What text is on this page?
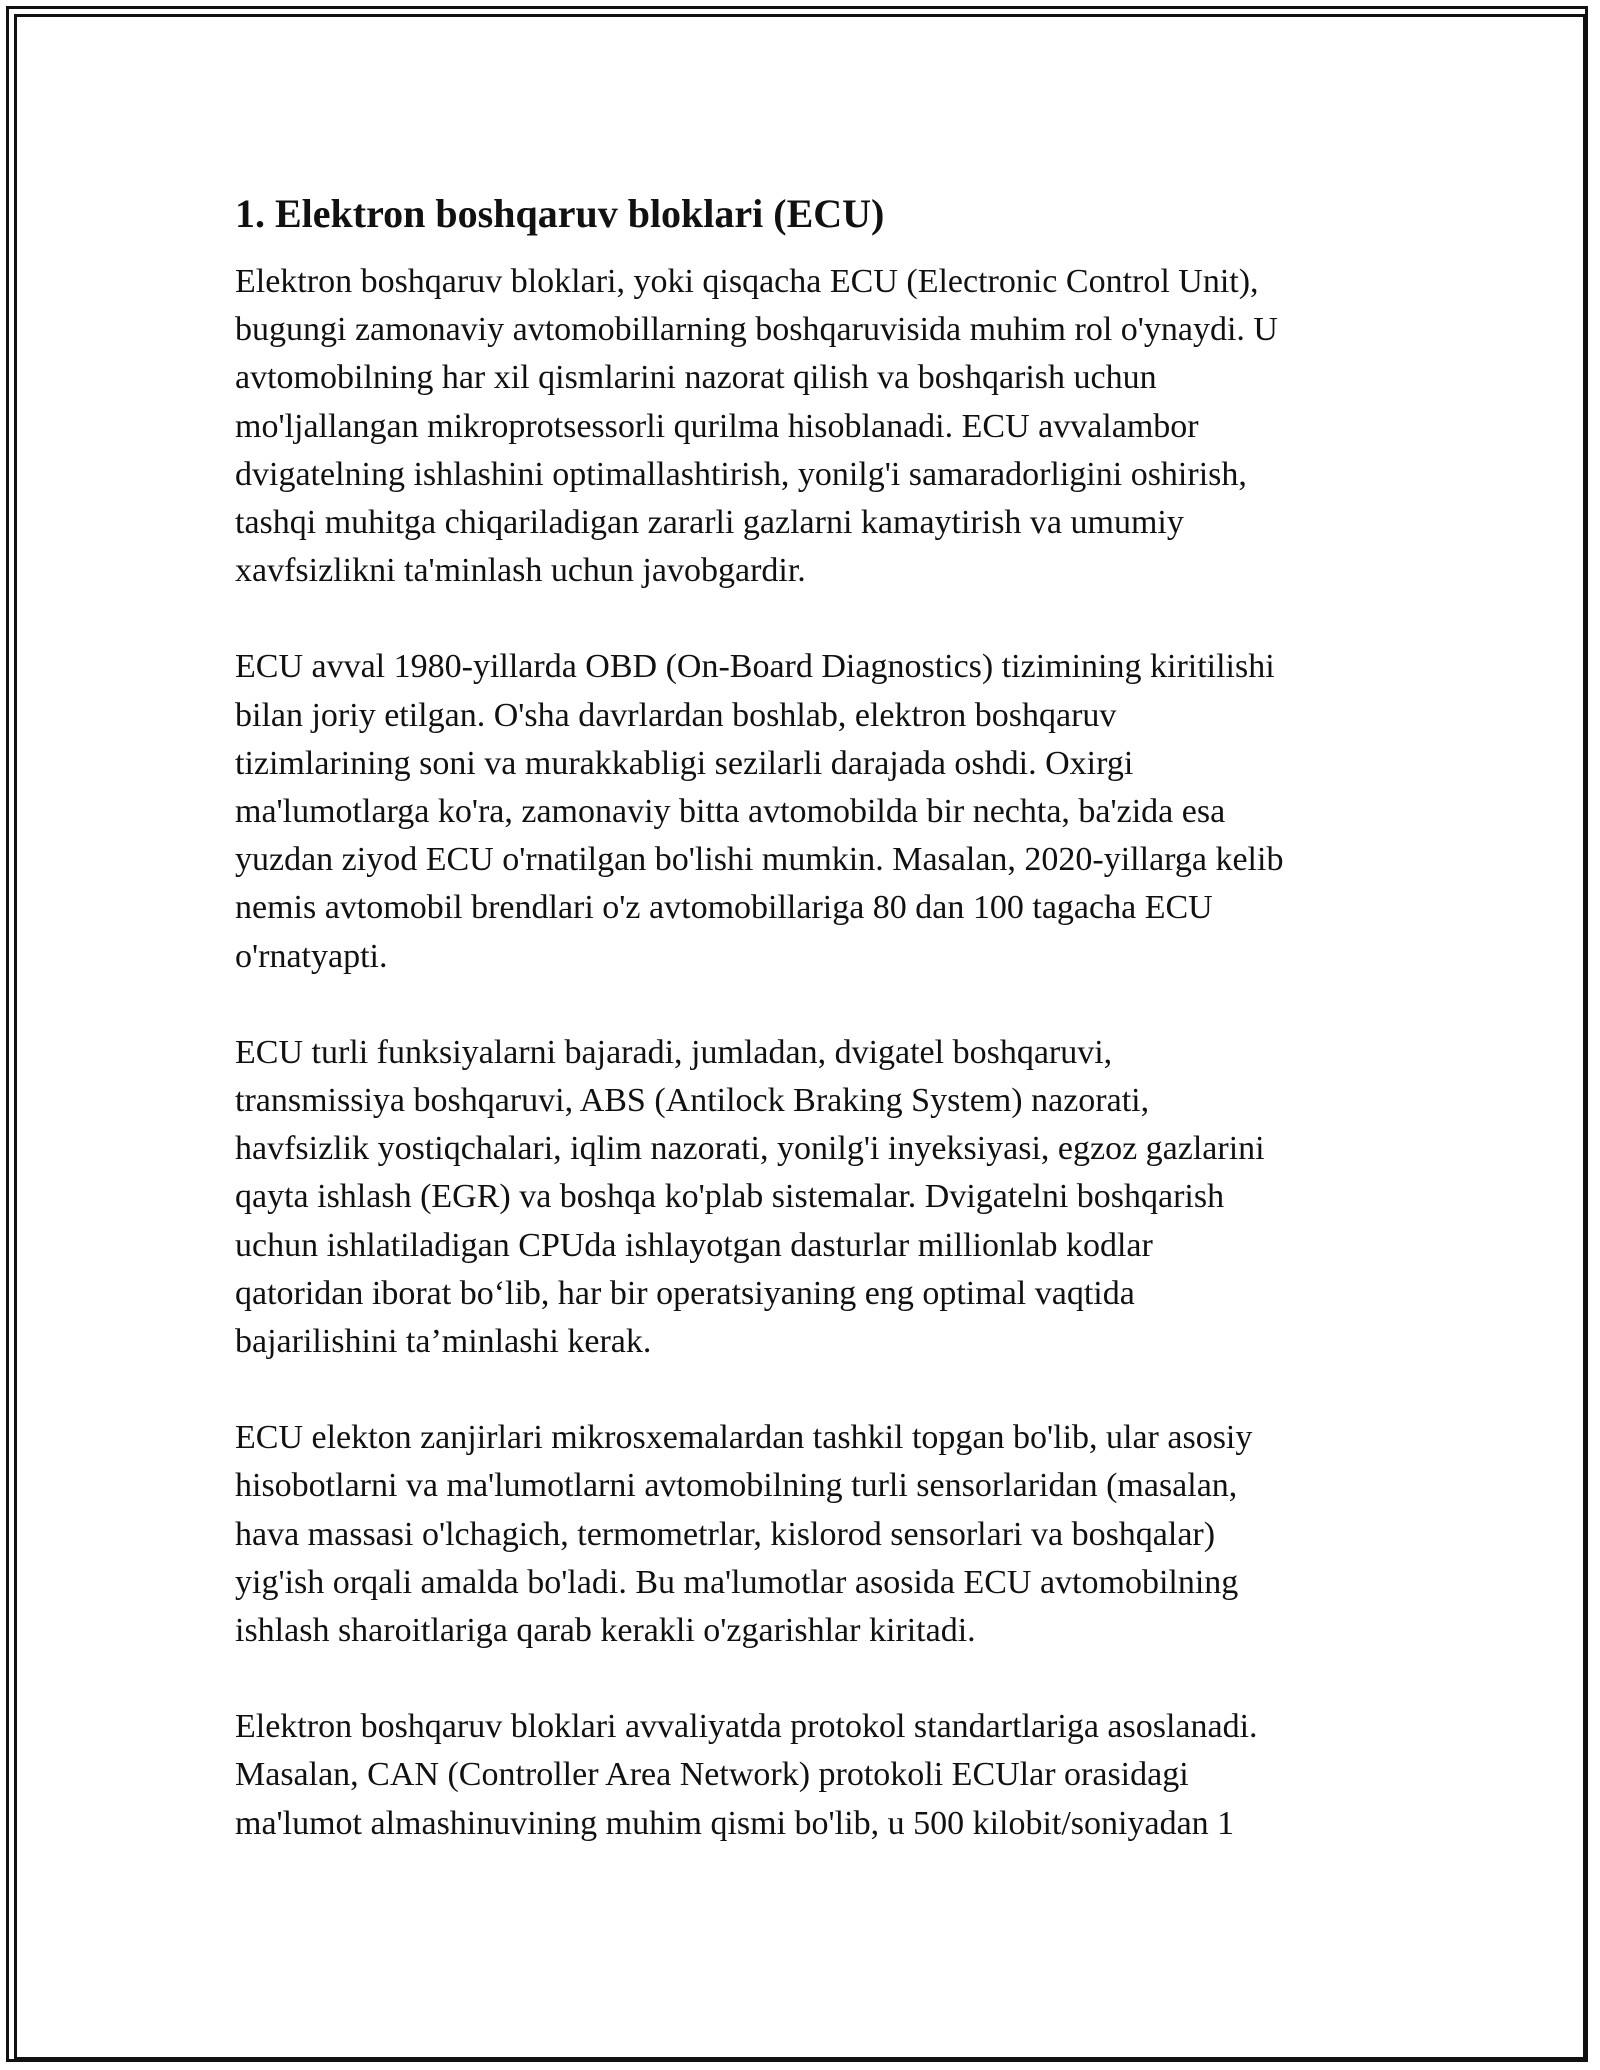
1. Elektron boshqaruv bloklari (ECU)

Elektron boshqaruv bloklari, yoki qisqacha ECU (Electronic Control Unit),
bugungi zamonaviy avtomobillarning boshqaruvisida muhim rol o'ynaydi. U
avtomobilning har xil qismlarini nazorat qilish va boshqarish uchun
mo'ljallangan mikroprotsessorli qurilma hisoblanadi. ECU avvalambor
dvigatelning ishlashini optimallashtirish, yonilg'i samaradorligini oshirish,
tashqi muhitga chiqariladigan zararli gazlarni kamaytirish va umumiy
xavfsizlikni ta'minlash uchun javobgardir.

ECU avval 1980-yillarda OBD (On-Board Diagnostics) tizimining kiritilishi
bilan joriy etilgan. O'sha davrlardan boshlab, elektron boshqaruv
tizimlarining soni va murakkabligi sezilarli darajada oshdi. Oxirgi
ma'lumotlarga ko'ra, zamonaviy bitta avtomobilda bir nechta, ba'zida esa
yuzdan ziyod ECU o'rnatilgan bo'lishi mumkin. Masalan, 2020-yillarga kelib
nemis avtomobil brendlari o'z avtomobillariga 80 dan 100 tagacha ECU
o'rnatyapti.

ECU turli funksiyalarni bajaradi, jumladan, dvigatel boshqaruvi,
transmissiya boshqaruvi, ABS (Antilock Braking System) nazorati,
havfsizlik yostiqchalari, iqlim nazorati, yonilg'i inyeksiyasi, egzoz gazlarini
qayta ishlash (EGR) va boshqa ko'plab sistemalar. Dvigatelni boshqarish
uchun ishlatiladigan CPUda ishlayotgan dasturlar millionlab kodlar
qatoridan iborat bo‘lib, har bir operatsiyaning eng optimal vaqtida
bajarilishini ta’minlashi kerak.

ECU elekton zanjirlari mikrosxemalardan tashkil topgan bo'lib, ular asosiy
hisobotlarni va ma'lumotlarni avtomobilning turli sensorlaridan (masalan,
hava massasi o'lchagich, termometrlar, kislorod sensorlari va boshqalar)
yig'ish orqali amalda bo'ladi. Bu ma'lumotlar asosida ECU avtomobilning
ishlash sharoitlariga qarab kerakli o'zgarishlar kiritadi.

Elektron boshqaruv bloklari avvaliyatda protokol standartlariga asoslanadi.
Masalan, CAN (Controller Area Network) protokoli ECUlar orasidagi
ma'lumot almashinuvining muhim qismi bo'lib, u 500 kilobit/soniyadan 1
